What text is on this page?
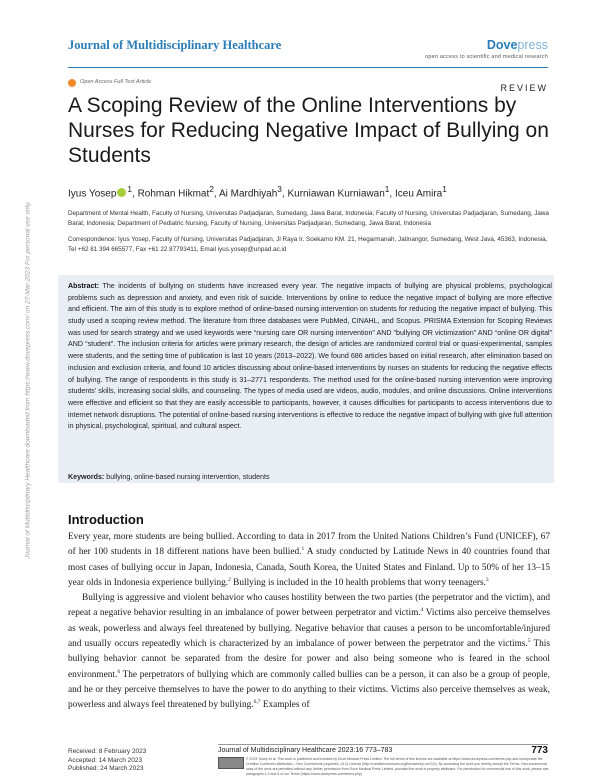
Journal of Multidisciplinary Healthcare	Dovepress
open access to scientific and medical research
Open Access Full Text Article
REVIEW
A Scoping Review of the Online Interventions by Nurses for Reducing Negative Impact of Bullying on Students
Iyus Yosep $^1$, Rohman Hikmat$^2$, Ai Mardhiyah$^3$, Kurniawan Kurniawan$^1$, Iceu Amira$^1$
Department of Mental Health, Faculty of Nursing, Universitas Padjadjaran, Sumedang, Jawa Barat, Indonesia; Faculty of Nursing, Universitas Padjadjaran, Sumedang, Jawa Barat, Indonesia; Department of Pediatric Nursing, Faculty of Nursing, Universitas Padjadjaran, Sumedang, Jawa Barat, Indonesia
Correspondence: Iyus Yosep, Faculty of Nursing, Universitas Padjadjaran, Jl Raya Ir. Soekarno KM. 21, Hegarmanah, Jatinangor, Sumedang, West Java, 45363, Indonesia, Tel +62 81 394 665577, Fax +61 22 87793411, Email iyus.yosep@unpad.ac.id
Abstract: The incidents of bullying on students have increased every year. The negative impacts of bullying are physical problems, psychological problems such as depression and anxiety, and even risk of suicide. Interventions by online to reduce the negative impact of bullying are more effective and efficient. The aim of this study is to explore method of online-based nursing intervention on students for reducing the negative impact of bullying. This study used a scoping review method. The literature from three databases were PubMed, CINAHL, and Scopus. PRISMA Extension for Scoping Reviews was used for search strategy and we used keywords were “nursing care OR nursing intervention” AND “bullying OR victimization” AND “online OR digital” AND “student”. The inclusion criteria for articles were primary research, the design of articles are randomized control trial or quasi-experimental, samples were students, and the setting time of publication is last 10 years (2013–2022). We found 686 articles based on initial research, after elimination based on inclusion and exclusion criteria, and found 10 articles discussing about online-based interventions by nurses on students for reducing the negative effects of bullying. The range of respondents in this study is 31–2771 respondents. The method used for the online-based nursing intervention were improving students’ skills, increasing social skills, and counseling. The types of media used are videos, audio, modules, and online discussions. Online interventions were effective and efficient so that they are easily accessible to participants, however, it causes difficulties for participants to access interventions due to internet network disruptions. The potential of online-based nursing interventions is effective to reduce the negative impact of bullying with give full attention in physical, psychological, spiritual, and cultural aspect.
Keywords: bullying, online-based nursing intervention, students
Introduction

Every year, more students are being bullied. According to data in 2017 from the United Nations Children’s Fund (UNICEF), 67 of her 100 students in 18 different nations have been bullied.$^1$ A study conducted by Latitude News in 40 countries found that most cases of bullying occur in Japan, Indonesia, Canada, South Korea, the United States and Finland. Up to 50% of her 13–15 year olds in Indonesia experience bullying.$^2$ Bullying is included in the 10 health problems that worry teenagers.$^3$

Bullying is aggressive and violent behavior who causes hostility between the two parties (the perpetrator and the victim), and repeat a negative behavior resulting in an imbalance of power between perpetrator and victim.$^4$ Victims also perceive themselves as weak, powerless and always feel threatened by bullying. Negative behavior that causes a person to be uncomfortable/injured and usually occurs repeatedly which is characterized by an imbalance of power between the perpetrator and the victims.$^5$ This bullying behavior cannot be separated from the desire for power and also being someone who is feared in the school environment.$^6$ The perpetrators of bullying which are commonly called bullies can be a person, it can also be a group of people, and he or they perceive themselves to have the power to do anything to their victims. Victims also perceive themselves as weak, powerless and always feel threatened by bullying.$^{6,7}$ Examples of

Journal of Multidisciplinary Healthcare downloaded from https://www.dovepress.com/ on 27-Mar-2023 For personal use only.
Received: 8 February 2023
Accepted: 14 March 2023
Published: 24 March 2023
Journal of Multidisciplinary Healthcare 2023:16 773–783	773
© 2023 Yosep et al. This work is published and licensed by Dove Medical Press Limited. The full terms of this license are available at https://www.dovepress.com/terms.php and incorporate the Creative Commons Attribution – Non Commercial (unported, v3.0) License (http://creativecommons.org/licenses/by-nc/3.0/). By accessing the work you hereby accept the Terms. Non-commercial uses of the work are permitted without any further permission from Dove Medical Press Limited, provided the work is properly attributed. For permission for commercial use of this work, please see paragraphs 4.2 and 5 of our Terms (https://www.dovepress.com/terms.php).
